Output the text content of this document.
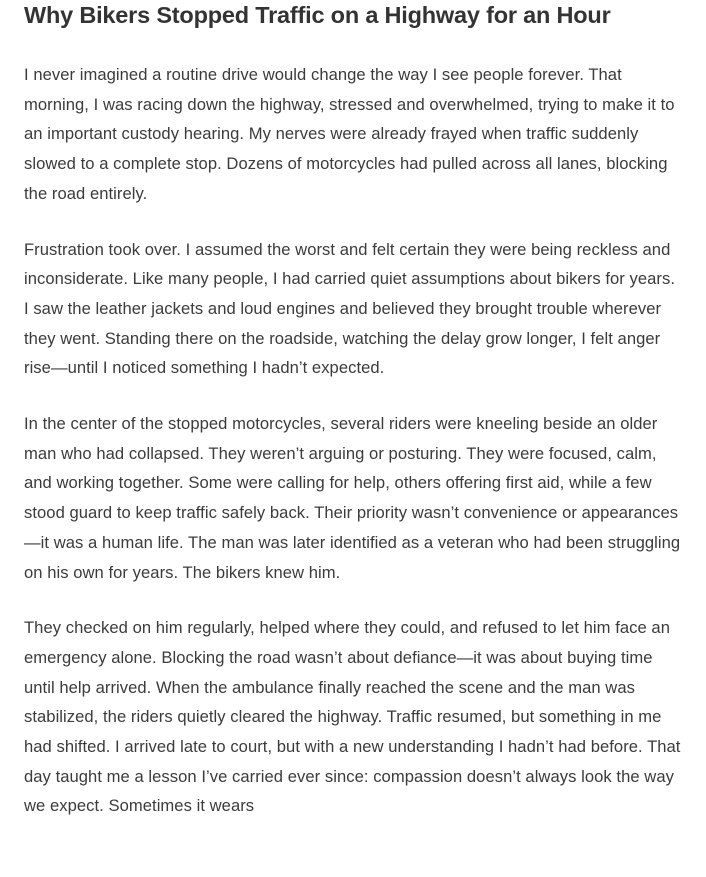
Why Bikers Stopped Traffic on a Highway for an Hour

I never imagined a routine drive would change the way I see people forever. That morning, I was racing down the highway, stressed and overwhelmed, trying to make it to an important custody hearing. My nerves were already frayed when traffic suddenly slowed to a complete stop. Dozens of motorcycles had pulled across all lanes, blocking the road entirely.

Frustration took over. I assumed the worst and felt certain they were being reckless and inconsiderate. Like many people, I had carried quiet assumptions about bikers for years. I saw the leather jackets and loud engines and believed they brought trouble wherever they went. Standing there on the roadside, watching the delay grow longer, I felt anger rise—until I noticed something I hadn’t expected.

In the center of the stopped motorcycles, several riders were kneeling beside an older man who had collapsed. They weren’t arguing or posturing. They were focused, calm, and working together. Some were calling for help, others offering first aid, while a few stood guard to keep traffic safely back. Their priority wasn’t convenience or appearances—it was a human life. The man was later identified as a veteran who had been struggling on his own for years. The bikers knew him.

They checked on him regularly, helped where they could, and refused to let him face an emergency alone. Blocking the road wasn’t about defiance—it was about buying time until help arrived. When the ambulance finally reached the scene and the man was stabilized, the riders quietly cleared the highway. Traffic resumed, but something in me had shifted. I arrived late to court, but with a new understanding I hadn’t had before. That day taught me a lesson I’ve carried ever since: compassion doesn’t always look the way we expect. Sometimes it wears
